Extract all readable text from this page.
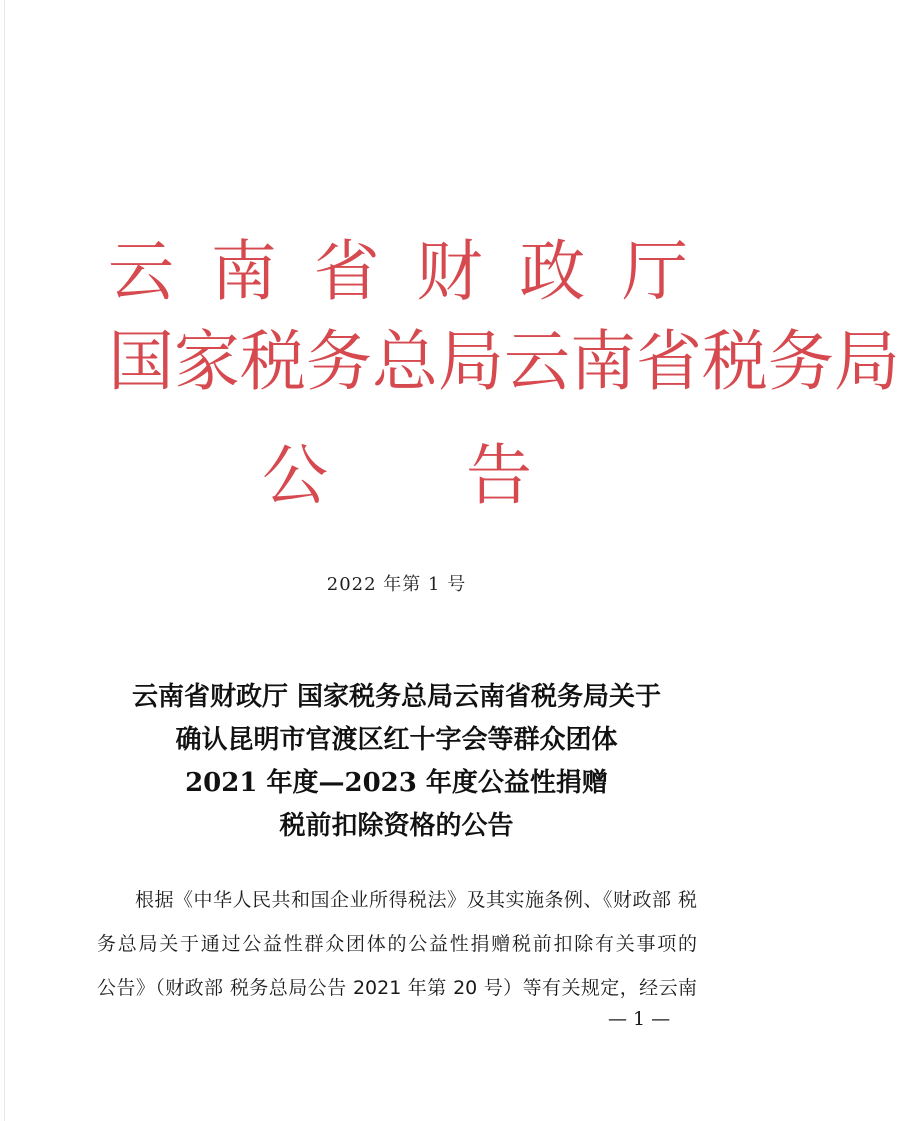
云 南 省 财 政 厅
国 家 税 务 总 局 云 南 省 税 务 局
公 告
2022 年第 1 号
云南省财政厅 国家税务总局云南省税务局关于
确认昆明市官渡区红十字会等群众团体
2021 年度—2023 年度公益性捐赠
税前扣除资格的公告
根据《中华人民共和国企业所得税法》及其实施条例、《财政部 税
务总局关于通过公益性群众团体的公益性捐赠税前扣除有关事项的
公告》（财政部 税务总局公告 2021 年第 20 号）等有关规定，经云南
— 1 —
